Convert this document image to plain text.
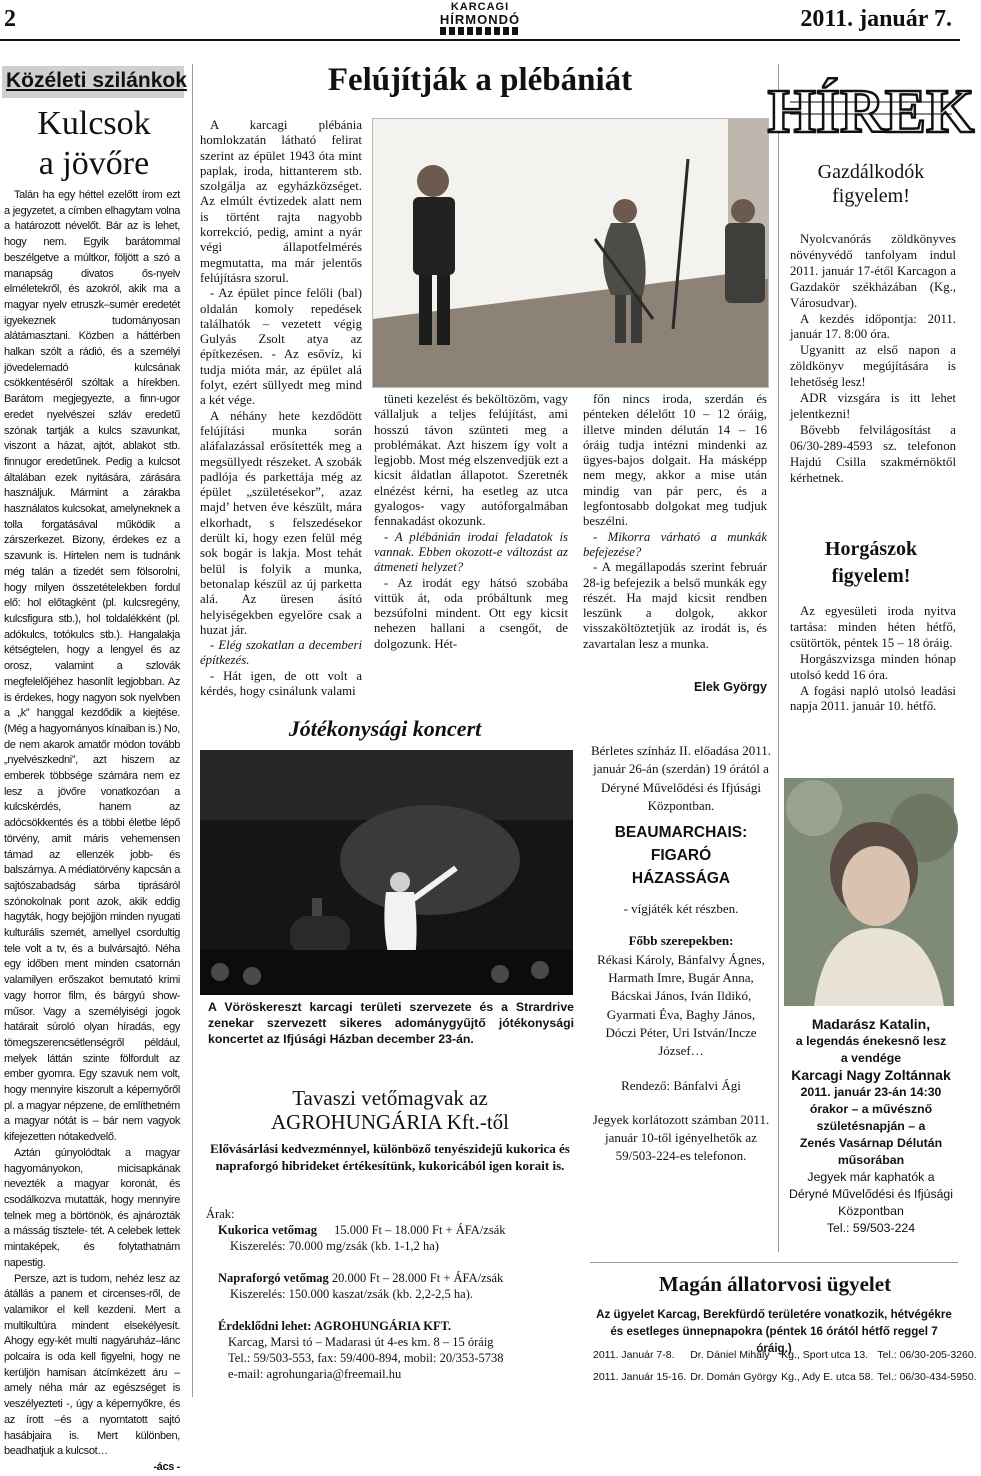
2	KARCAGI
HÍRMONDÓ	2011. január 7.
Közéleti szilánkok
Kulcsok
a jövőre

Talán ha egy héttel ezelőtt írom ezt a jegyzetet, a címben elhagytam volna a határozott névelőt. Bár az is lehet, hogy nem. Egyik barátommal beszélgetve a múltkor, följött a szó a manapság divatos ős-nyelv elméletekről, és azokról, akik ma a magyar nyelv etruszk–sumér eredetét igyekeznek tudományosan alátámasztani. Közben a háttérben halkan szólt a rádió, és a személyi jövedelemadó kulcsának csökkentéséről szóltak a hírekben. Barátom megjegyezte, a finn-ugor eredet nyelvészei szláv eredetű szónak tartják a kulcs szavunkat, viszont a házat, ajtót, ablakot stb. finnugor eredetűnek. Pedig a kulcsot általában ezek nyitására, zárására használjuk. Mármint a zárakba használatos kulcsokat, amelyneknek a tolla forgatásával működik a zárszerkezet. Bizony, érdekes ez a szavunk is. Hirtelen nem is tudnánk még talán a tizedét sem fölsorolni, hogy milyen összetételekben fordul elő: hol előtagként (pl. kulcsregény, kulcsfigura stb.), hol toldalékként (pl. adókulcs, totókulcs stb.). Hangalakja kétségtelen, hogy a lengyel és az orosz, valamint a szlovák megfelelőjéhez hasonlít legjobban. Az is érdekes, hogy nagyon sok nyelvben a „k” hanggal kezdődik a kiejtése. (Még a hagyományos kínaiban is.) No, de nem akarok amatőr módon tovább „nyelvészkedni”, azt hiszem az emberek többsége számára nem ez lesz a jövőre vonatkozóan a kulcskérdés, hanem az adócsökkentés és a többi életbe lépő törvény, amit máris vehemensen támad az ellenzék jobb- és balszárnya. A médiatörvény kapcsán a sajtószabadság sárba tiprásáról szónokolnak pont azok, akik eddig hagyták, hogy bejöjjön minden nyugati kulturális szemét, amellyel csordultig tele volt a tv, és a bulvársajtó. Néha egy időben ment minden csatornán valamilyen erőszakot bemutató krimi vagy horror film, és bárgyú show-műsor. Vagy a személyiségi jogok határait súroló olyan híradás, egy tömegszerencsétlenségről például, melyek láttán szinte fölfordult az ember gyomra. Egy szavuk nem volt, hogy mennyire kiszorult a képernyőről pl. a magyar népzene, de említhetném a magyar nótát is – bár nem vagyok kifejezetten nótakedvelő.

Aztán gúnyolódtak a magyar hagyományokon, micisapkának nevezték a magyar koronát, és csodálkozva mutatták, hogy mennyire telnek meg a börtönök, és ajnározták a másság tisztele- tét. A celebek lettek mintaképek, és folytathatnám napestig.

Persze, azt is tudom, nehéz lesz az átállás a panem et circenses-ről, de valamikor el kell kezdeni. Mert a multikultúra mindent elsekélyesít. Ahogy egy-két multi nagyáruház–lánc polcaira is oda kell figyelni, hogy ne kerüljön hamisan átcímkézett áru – amely néha már az egészséget is veszélyezteti -, úgy a képernyőkre, és az írott –és a nyomtatott sajtó hasábjaira is. Mert különben, beadhatjuk a kulcsot…

-ács -

Felújítják a plébániát

A karcagi plébánia homlokzatán látható felirat szerint az épület 1943 óta mint paplak, iroda, hittanterem stb. szolgálja az egyházközséget. Az elmúlt évtizedek alatt nem is történt rajta nagyobb korrekció, pedig, amint a nyár végi állapotfelmérés megmutatta, ma már jelentős felújításra szorul.

- Az épület pince felőli (bal) oldalán komoly repedések találhatók – vezetett végig Gulyás Zsolt atya az építkezésen. - Az esővíz, ki tudja mióta már, az épület alá folyt, ezért süllyedt meg mind a két vége.

A néhány hete kezdődött felújítási munka során aláfalazással erősítették meg a megsüllyedt részeket. A szobák padlója és parkettája még az épület „születésekor”, azaz majd’ hetven éve készült, mára elkorhadt, s felszedésekor derült ki, hogy ezen felül még sok bogár is lakja. Most tehát belül is folyik a munka, betonalap készül az új parketta alá. Az üresen ásító helyiségekben egyelőre csak a huzat jár.

- Elég szokatlan a decemberi építkezés.

- Hát igen, de ott volt a kérdés, hogy csinálunk valami

tüneti kezelést és beköltözöm, vagy vállaljuk a teljes felújítást, ami hosszú távon szünteti meg a problémákat. Azt hiszem így volt a legjobb. Most még elszenvedjük ezt a kicsit áldatlan állapotot. Szeretnék elnézést kérni, ha esetleg az utca gyalogos- vagy autóforgalmában fennakadást okozunk.

- A plébánián irodai feladatok is vannak. Ebben okozott-e változást az átmeneti helyzet?

- Az irodát egy hátsó szobába vittük át, oda próbáltunk meg bezsúfolni mindent. Ott egy kicsit nehezen hallani a csengőt, de dolgozunk. Hét-

főn nincs iroda, szerdán és pénteken délelőtt 10 – 12 óráig, illetve minden délután 14 – 16 óráig tudja intézni mindenki az ügyes-bajos dolgait. Ha másképp nem megy, akkor a mise után mindig van pár perc, és a legfontosabb dolgokat meg tudjuk beszélni.

- Mikorra várható a munkák befejezése?

- A megállapodás szerint február 28-ig befejezik a belső munkák egy részét. Ha majd kicsit rendben leszünk a dolgok, akkor visszaköltöztetjük az irodát is, és zavartalan lesz a munka.

Elek György
Jótékonysági koncert
A Vöröskereszt karcagi területi szervezete és a Strardrive zenekar szervezett sikeres adománygyűjtő jótékonysági koncertet az Ifjúsági Házban december 23-án.
Bérletes színház II. előadása 2011. január 26-án (szerdán) 19 órától a Déryné Művelődési és Ifjúsági Központban.
BEAUMARCHAIS:
FIGARÓ
HÁZASSÁGA
- vígjáték két részben.
Főbb szerepekben:
Rékasi Károly, Bánfalvy Ágnes, Harmath Imre, Bugár Anna, Bácskai János, Iván Ildikó, Gyarmati Éva, Baghy János, Dóczi Péter, Uri István/Incze József…
Rendező: Bánfalvi Ági
Jegyek korlátozott számban 2011. január 10-től igényelhetők az 59/503-224-es telefonon.
Tavaszi vetőmagvak az
AGROHUNGÁRIA Kft.-től
Elővásárlási kedvezménnyel, különböző tenyészidejű kukorica és napraforgó hibrideket értékesítünk, kukoricából igen korait is.
Árak:
Kukorica vetőmag 15.000 Ft – 18.000 Ft + ÁFA/zsák
Kiszerelés: 70.000 mg/zsák (kb. 1-1,2 ha)
Napraforgó vetőmag 20.000 Ft – 28.000 Ft + ÁFA/zsák
Kiszerelés: 150.000 kaszat/zsák (kb. 2,2-2,5 ha).
Érdeklődni lehet: AGROHUNGÁRIA KFT.
Karcag, Marsi tó – Madarasi út 4-es km. 8 – 15 óráig
Tel.: 59/503-553, fax: 59/400-894, mobil: 20/353-5738
e-mail: agrohungaria@freemail.hu
HÍREK
Gazdálkodók
figyelem!

Nyolcvanórás zöldkönyves növényvédő tanfolyam indul 2011. január 17-étől Karcagon a Gazdakör székházában (Kg., Városudvar).

A kezdés időpontja: 2011. január 17. 8:00 óra.

Ugyanitt az első napon a zöldkönyv megújítására is lehetőség lesz!

ADR vizsgára is itt lehet jelentkezni!

Bővebb felvilágosítást a 06/30-289-4593 sz. telefonon Hajdú Csilla szakmérnöktől kérhetnek.

Horgászok
figyelem!

Az egyesületi iroda nyitva tartása: minden héten hétfő, csütörtök, péntek 15 – 18 óráig.

Horgászvizsga minden hónap utolsó kedd 16 óra.

A fogási napló utolsó leadási napja 2011. január 10. hétfő.

Madarász Katalin,
a legendás énekesnő lesz
a vendége
Karcagi Nagy Zoltánnak
2011. január 23-án 14:30
órakor – a művésznő
születésnapján – a
Zenés Vasárnap Délután
műsorában
Jegyek már kaphatók a Déryné Művelődési és Ifjúsági Központban
Tel.: 59/503-224
Magán állatorvosi ügyelet
Az ügyelet Karcag, Berekfürdő területére vonatkozik, hétvégékre és esetleges ünnepnapokra (péntek 16 órától hétfő reggel 7 óráig.)
2011. Január 7-8.	Dr. Dániel Mihály	Kg., Sport utca 13.	Tel.: 06/30-205-3260.
2011. Január 15-16.	Dr. Domán György	Kg., Ady E. utca 58.	Tel.: 06/30-434-5950.
